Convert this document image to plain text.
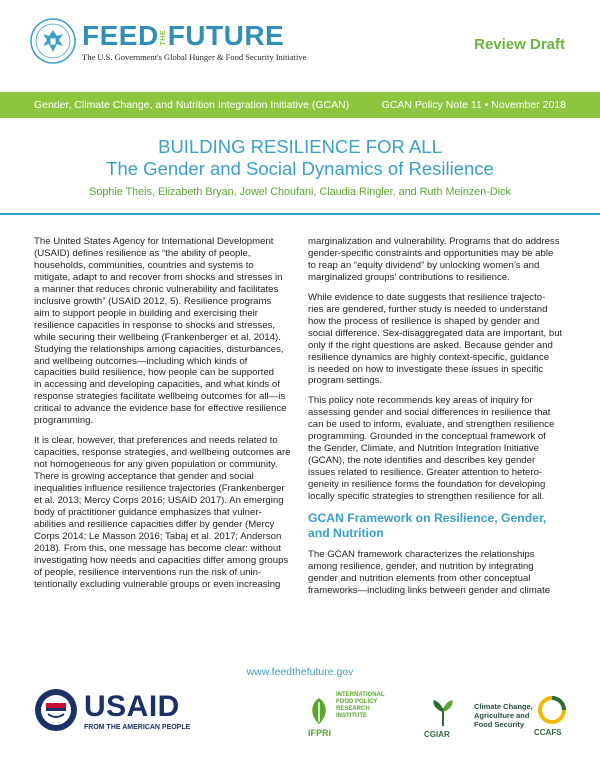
FEEDTHEFUTURE
The U.S. Government's Global Hunger & Food Security Initiative
Review Draft
Gender, Climate Change, and Nutrition Integration Initiative (GCAN)	GCAN Policy Note 11 • November 2018
BUILDING RESILIENCE FOR ALL
The Gender and Social Dynamics of Resilience
Sophie Theis, Elizabeth Bryan, Jowel Choufani, Claudia Ringler, and Ruth Meinzen-Dick

The United States Agency for International Development
(USAID) defines resilience as “the ability of people,
households, communities, countries and systems to
mitigate, adapt to and recover from shocks and stresses in
a manner that reduces chronic vulnerability and facilitates
inclusive growth” (USAID 2012, 5). Resilience programs
aim to support people in building and exercising their
resilience capacities in response to shocks and stresses,
while securing their wellbeing (Frankenberger et al. 2014).
Studying the relationships among capacities, disturbances,
and wellbeing outcomes—including which kinds of
capacities build resilience, how people can be supported
in accessing and developing capacities, and what kinds of
response strategies facilitate wellbeing outcomes for all—is
critical to advance the evidence base for effective resilience
programming.

It is clear, however, that preferences and needs related to
capacities, response strategies, and wellbeing outcomes are
not homogeneous for any given population or community.
There is growing acceptance that gender and social
inequalities influence resilience trajectories (Frankenberger
et al. 2013; Mercy Corps 2016; USAID 2017). An emerging
body of practitioner guidance emphasizes that vulner-
abilities and resilience capacities differ by gender (Mercy
Corps 2014; Le Masson 2016; Tabaj et al. 2017; Anderson
2018). From this, one message has become clear: without
investigating how needs and capacities differ among groups
of people, resilience interventions run the risk of unin-
tentionally excluding vulnerable groups or even increasing

marginalization and vulnerability. Programs that do address
gender-specific constraints and opportunities may be able
to reap an “equity dividend” by unlocking women’s and
marginalized groups’ contributions to resilience.

While evidence to date suggests that resilience trajecto-
ries are gendered, further study is needed to understand
how the process of resilience is shaped by gender and
social difference. Sex-disaggregated data are important, but
only if the right questions are asked. Because gender and
resilience dynamics are highly context-specific, guidance
is needed on how to investigate these issues in specific
program settings.

This policy note recommends key areas of inquiry for
assessing gender and social differences in resilience that
can be used to inform, evaluate, and strengthen resilience
programming. Grounded in the conceptual framework of
the Gender, Climate, and Nutrition Integration Initiative
(GCAN), the note identifies and describes key gender
issues related to resilience. Greater attention to hetero-
geneity in resilience forms the foundation for developing
locally specific strategies to strengthen resilience for all.

GCAN Framework on Resilience, Gender,
and Nutrition

The GCAN framework characterizes the relationships
among resilience, gender, and nutrition by integrating
gender and nutrition elements from other conceptual
frameworks—including links between gender and climate

www.feedthefuture.gov
USAID
FROM THE AMERICAN PEOPLE
INTERNATIONAL
FOOD POLICY
RESEARCH
INSTITUTE
IFPRI	CGIAR
Climate Change,
Agriculture and
Food Security
CCAFS
